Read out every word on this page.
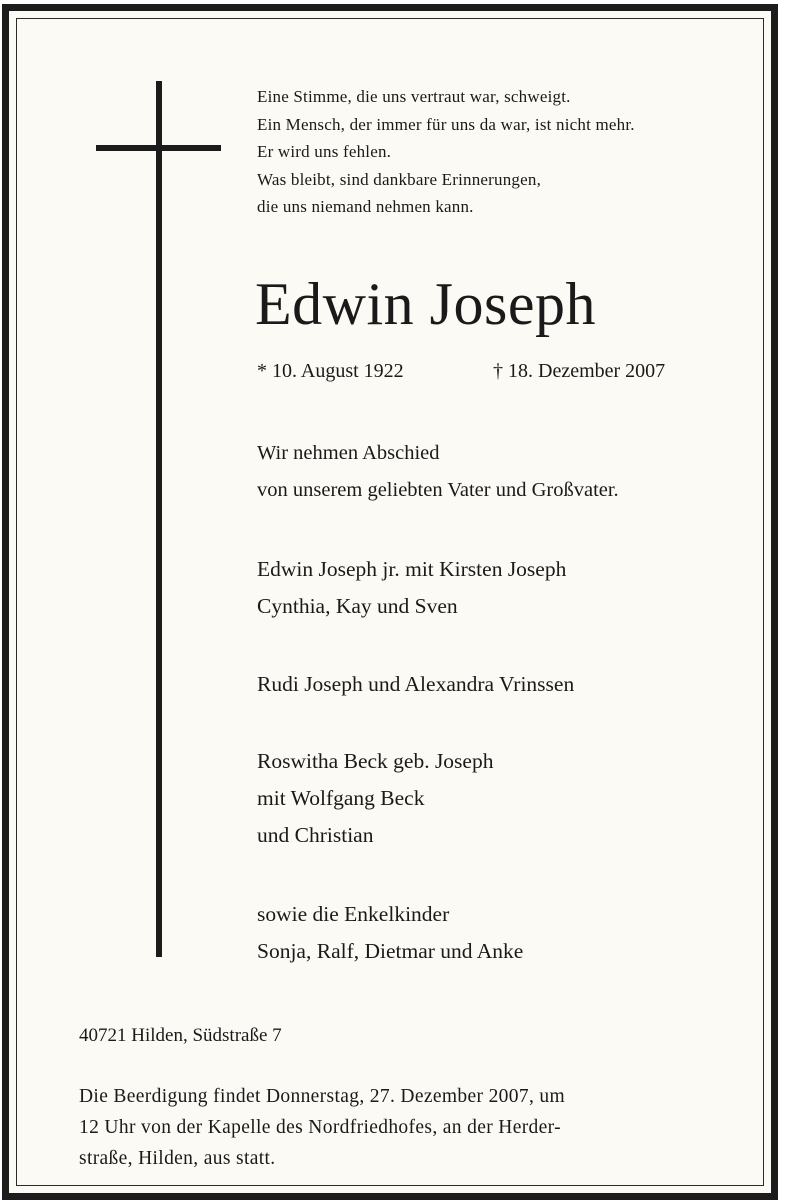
Eine Stimme, die uns vertraut war, schweigt.
Ein Mensch, der immer für uns da war, ist nicht mehr.
Er wird uns fehlen.
Was bleibt, sind dankbare Erinnerungen,
die uns niemand nehmen kann.
Edwin Joseph
* 10. August 1922	† 18. Dezember 2007
Wir nehmen Abschied
von unserem geliebten Vater und Großvater.
Edwin Joseph jr. mit Kirsten Joseph
Cynthia, Kay und Sven
Rudi Joseph und Alexandra Vrinssen
Roswitha Beck geb. Joseph
mit Wolfgang Beck
und Christian
sowie die Enkelkinder
Sonja, Ralf, Dietmar und Anke
40721 Hilden, Südstraße 7
Die Beerdigung findet Donnerstag, 27. Dezember 2007, um
12 Uhr von der Kapelle des Nordfriedhofes, an der Herder-
straße, Hilden, aus statt.
